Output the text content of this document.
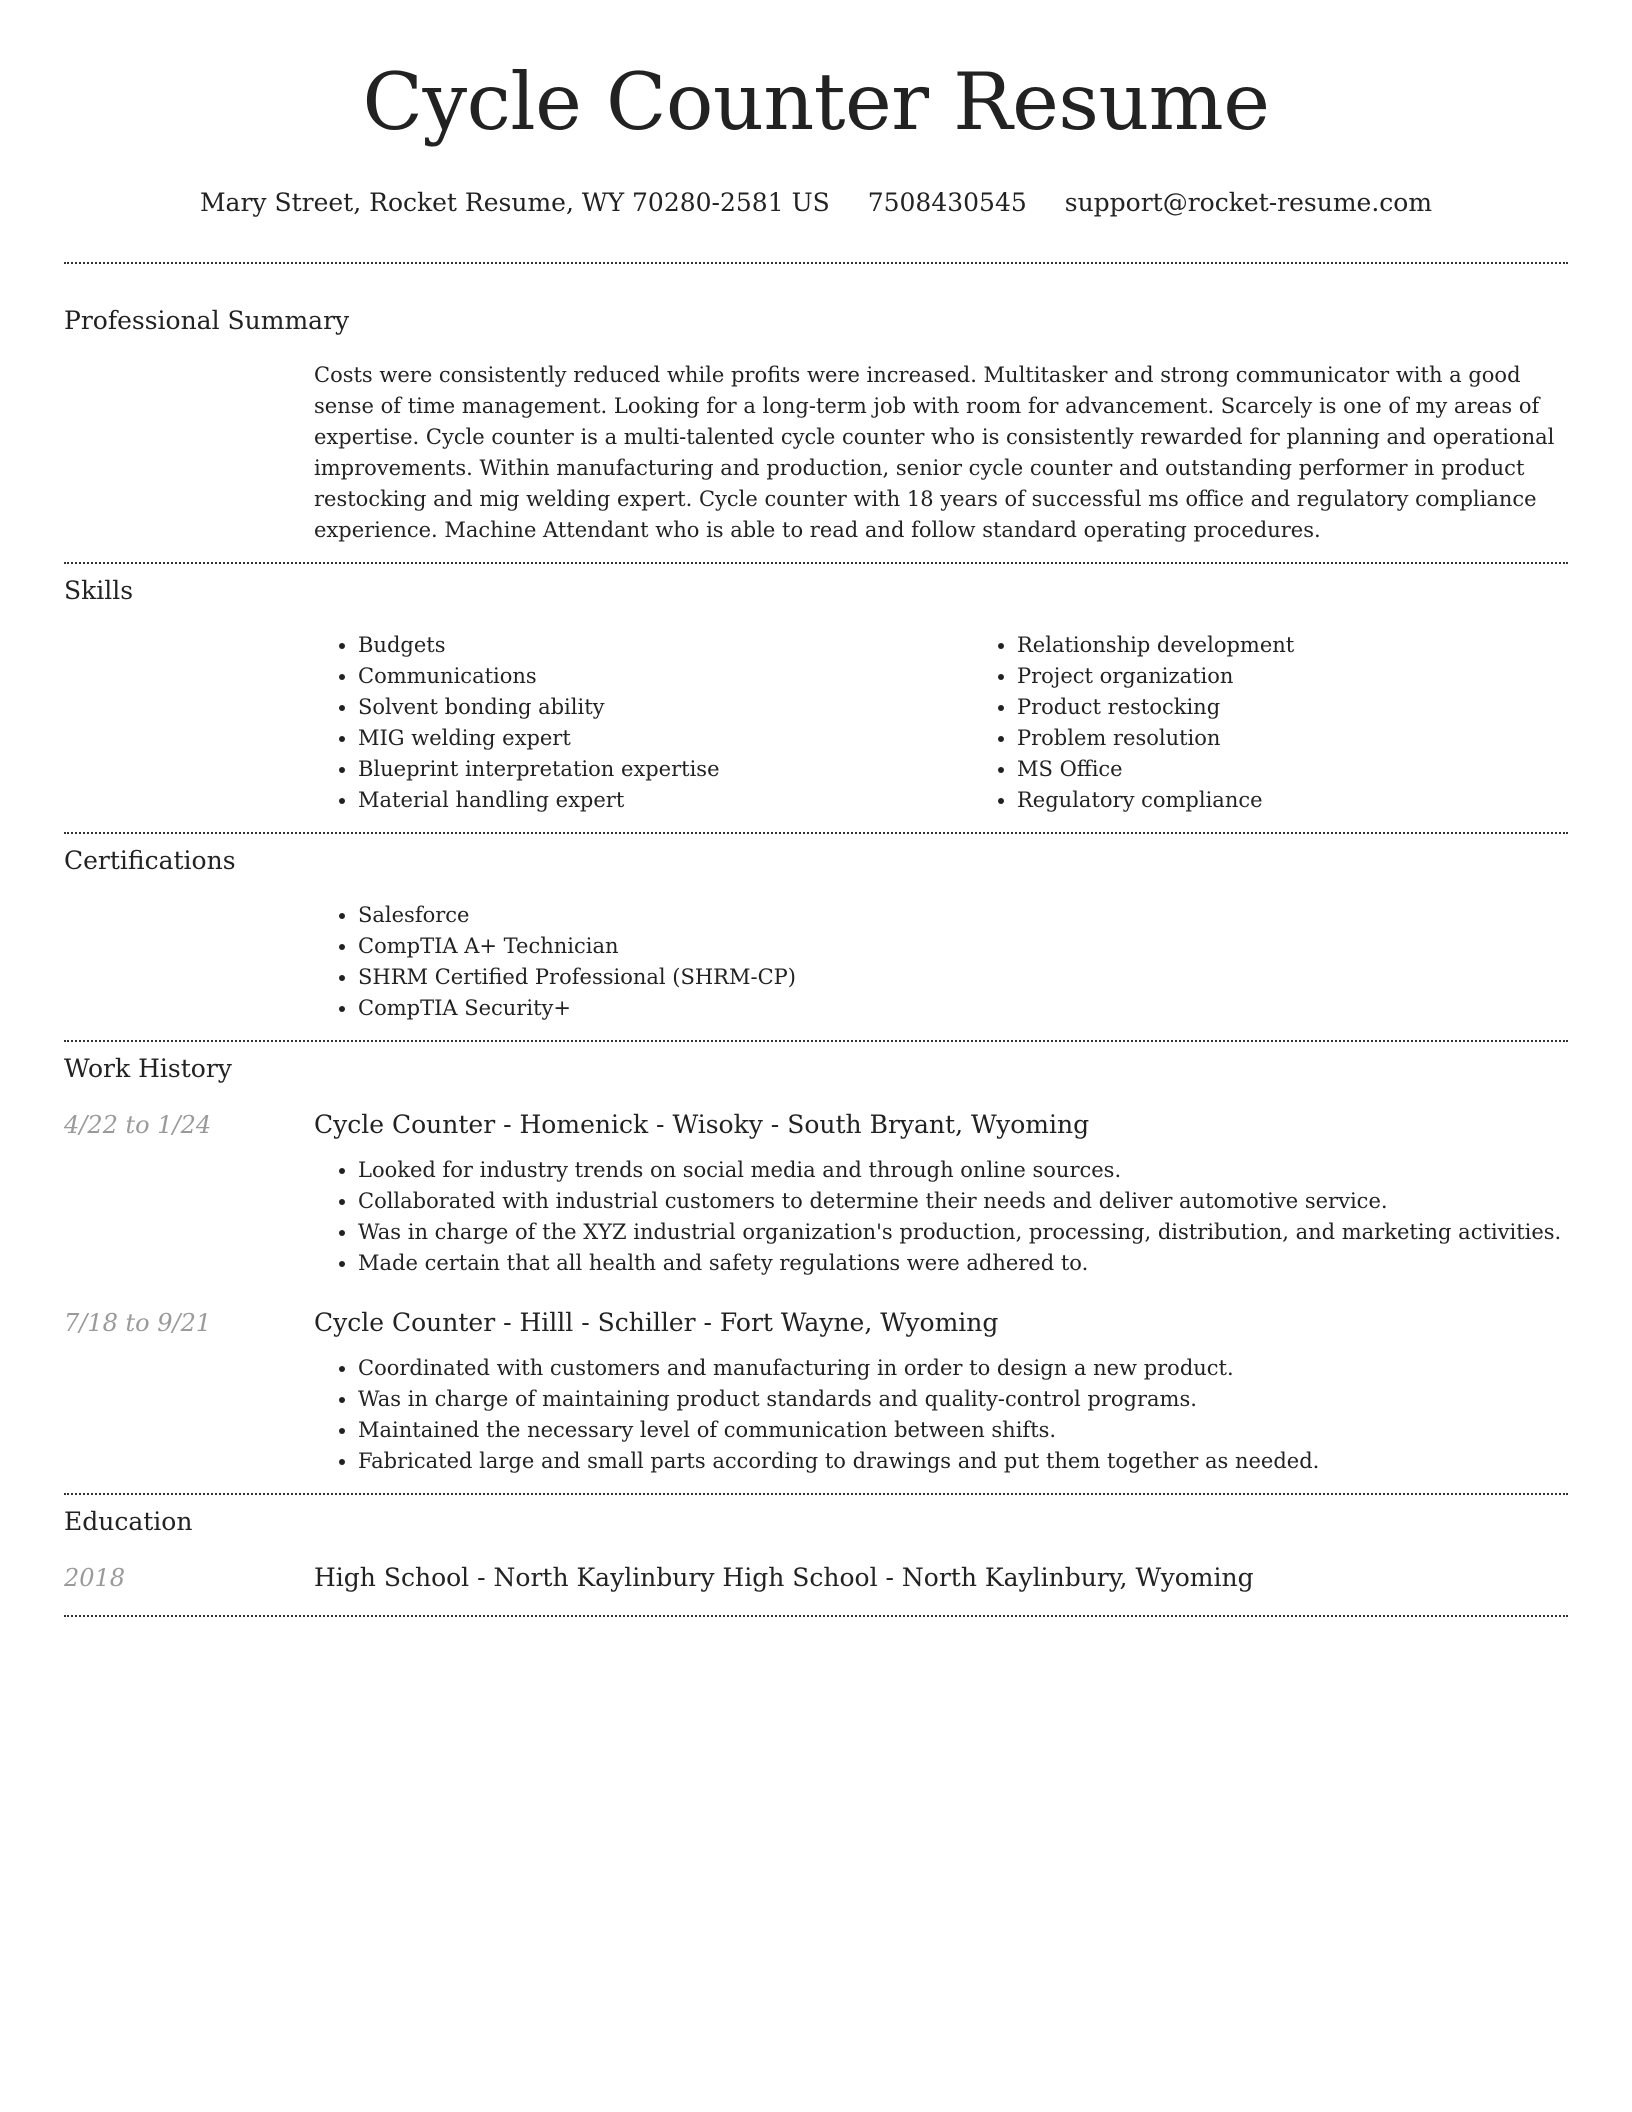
Cycle Counter Resume
Mary Street, Rocket Resume, WY 70280-2581 US 7508430545 support@rocket-resume.com
Professional Summary
Costs were consistently reduced while profits were increased. Multitasker and strong communicator with a good sense of time management. Looking for a long-term job with room for advancement. Scarcely is one of my areas of expertise. Cycle counter is a multi-talented cycle counter who is consistently rewarded for planning and operational improvements. Within manufacturing and production, senior cycle counter and outstanding performer in product restocking and mig welding expert. Cycle counter with 18 years of successful ms office and regulatory compliance experience. Machine Attendant who is able to read and follow standard operating procedures.
Skills
• Budgets
• Communications
• Solvent bonding ability
• MIG welding expert
• Blueprint interpretation expertise
• Material handling expert
• Relationship development
• Project organization
• Product restocking
• Problem resolution
• MS Office
• Regulatory compliance
Certifications
• Salesforce
• CompTIA A+ Technician
• SHRM Certified Professional (SHRM-CP)
• CompTIA Security+
Work History
4/22 to 1/24	Cycle Counter - Homenick - Wisoky - South Bryant, Wyoming
• Looked for industry trends on social media and through online sources.
• Collaborated with industrial customers to determine their needs and deliver automotive service.
• Was in charge of the XYZ industrial organization's production, processing, distribution, and marketing activities.
• Made certain that all health and safety regulations were adhered to.
7/18 to 9/21	Cycle Counter - Hilll - Schiller - Fort Wayne, Wyoming
• Coordinated with customers and manufacturing in order to design a new product.
• Was in charge of maintaining product standards and quality-control programs.
• Maintained the necessary level of communication between shifts.
• Fabricated large and small parts according to drawings and put them together as needed.
Education
2018	High School - North Kaylinbury High School - North Kaylinbury, Wyoming
